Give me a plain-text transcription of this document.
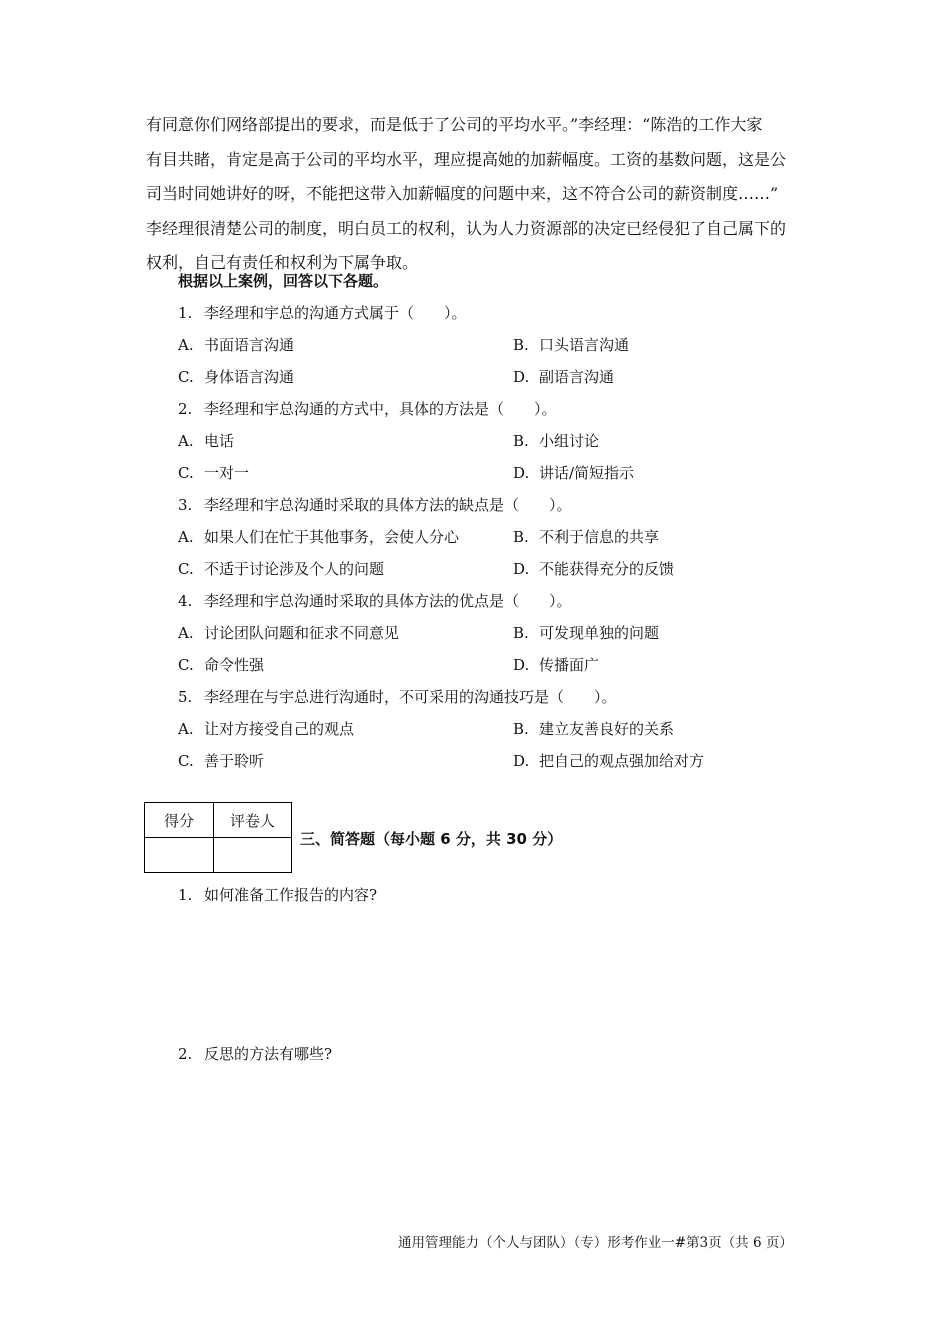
有同意你们网络部提出的要求，而是低于了公司的平均水平。”李经理：“陈浩的工作大家
有目共睹，肯定是高于公司的平均水平，理应提高她的加薪幅度。工资的基数问题，这是公
司当时同她讲好的呀，不能把这带入加薪幅度的问题中来，这不符合公司的薪资制度……”
李经理很清楚公司的制度，明白员工的权利，认为人力资源部的决定已经侵犯了自己属下的
权利，自己有责任和权利为下属争取。

根据以上案例，回答以下各题。
1. 李经理和宇总的沟通方式属于（　　）。
A. 书面语言沟通	B. 口头语言沟通
C. 身体语言沟通	D. 副语言沟通
2. 李经理和宇总沟通的方式中，具体的方法是（　　）。
A. 电话	B. 小组讨论
C. 一对一	D. 讲话/简短指示
3. 李经理和宇总沟通时采取的具体方法的缺点是（　　）。
A. 如果人们在忙于其他事务，会使人分心	B. 不利于信息的共享
C. 不适于讨论涉及个人的问题	D. 不能获得充分的反馈
4. 李经理和宇总沟通时采取的具体方法的优点是（　　）。
A. 讨论团队问题和征求不同意见	B. 可发现单独的问题
C. 命令性强	D. 传播面广
5. 李经理在与宇总进行沟通时，不可采用的沟通技巧是（　　）。
A. 让对方接受自己的观点	B. 建立友善良好的关系
C. 善于聆听	D. 把自己的观点强加给对方
得分	评卷人

三、简答题（每小题 6 分，共 30 分）
1. 如何准备工作报告的内容?
2. 反思的方法有哪些?
通用管理能力（个人与团队）（专）形考作业一#第3页（共 6 页）
